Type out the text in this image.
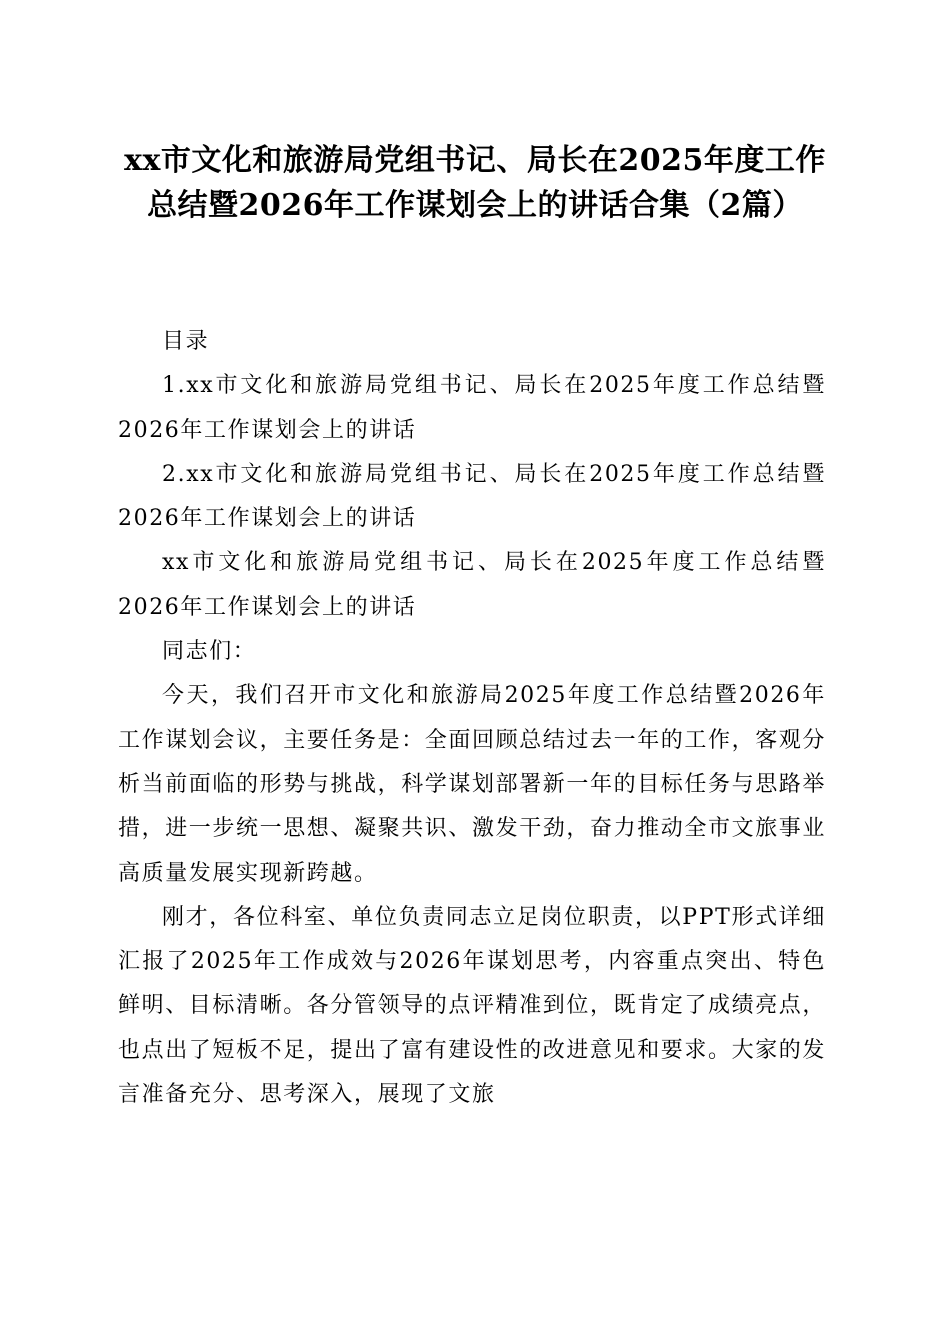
xx市文化和旅游局党组书记、局长在2025年度工作总结暨2026年工作谋划会上的讲话合集（2篇）

目录

1.xx市文化和旅游局党组书记、局长在2025年度工作总结暨2026年工作谋划会上的讲话

2.xx市文化和旅游局党组书记、局长在2025年度工作总结暨2026年工作谋划会上的讲话

xx市文化和旅游局党组书记、局长在2025年度工作总结暨2026年工作谋划会上的讲话

同志们：

今天，我们召开市文化和旅游局2025年度工作总结暨2026年工作谋划会议，主要任务是：全面回顾总结过去一年的工作，客观分析当前面临的形势与挑战，科学谋划部署新一年的目标任务与思路举措，进一步统一思想、凝聚共识、激发干劲，奋力推动全市文旅事业高质量发展实现新跨越。

刚才，各位科室、单位负责同志立足岗位职责，以PPT形式详细汇报了2025年工作成效与2026年谋划思考，内容重点突出、特色鲜明、目标清晰。各分管领导的点评精准到位，既肯定了成绩亮点，也点出了短板不足，提出了富有建设性的改进意见和要求。大家的发言准备充分、思考深入，展现了文旅
